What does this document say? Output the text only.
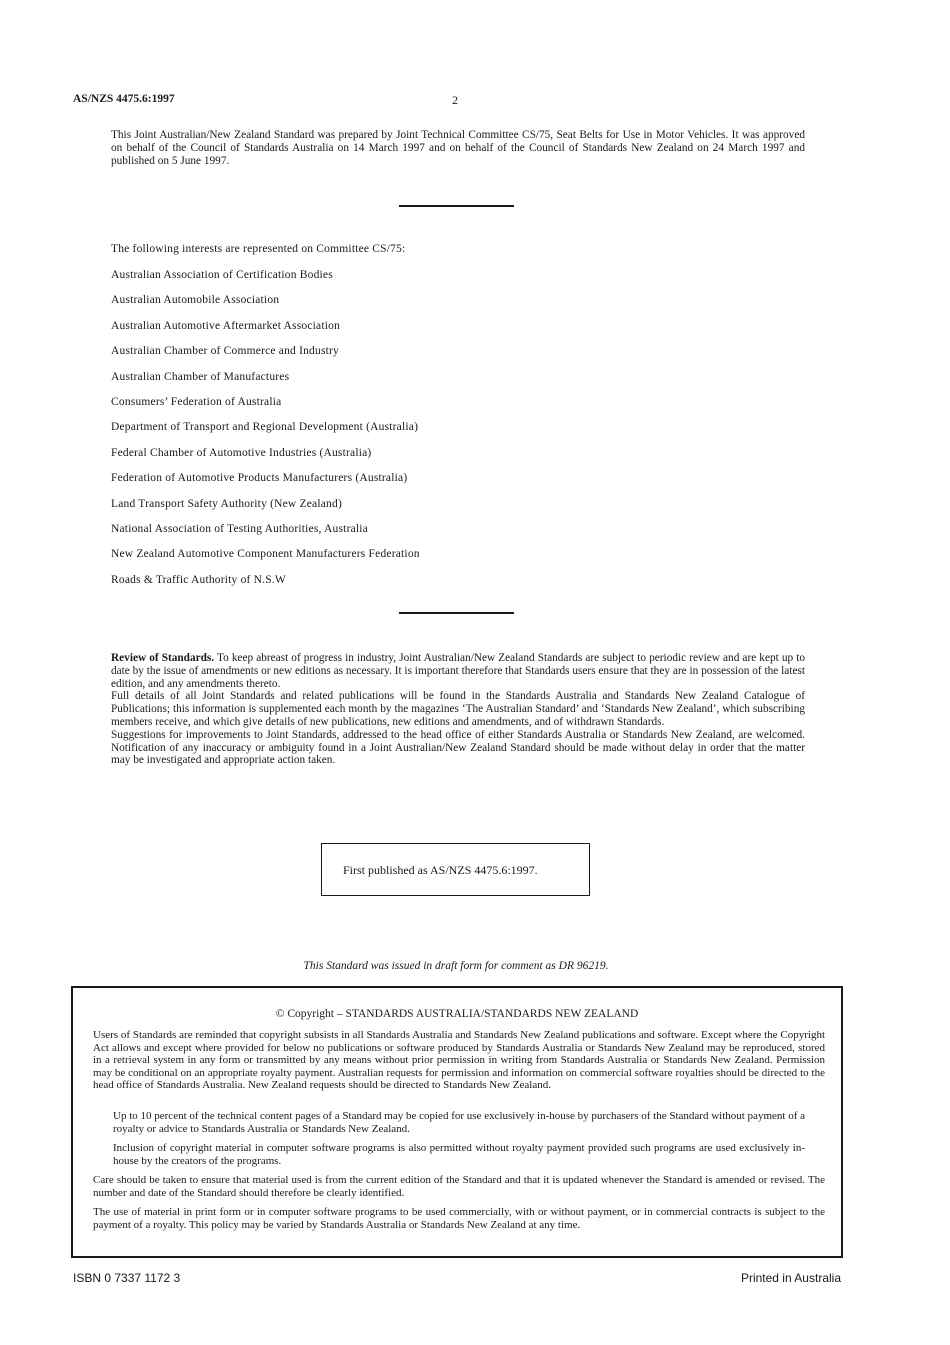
AS/NZS 4475.6:1997	2
This Joint Australian/New Zealand Standard was prepared by Joint Technical Committee CS/75, Seat Belts for Use in Motor Vehicles. It was approved on behalf of the Council of Standards Australia on 14 March 1997 and on behalf of the Council of Standards New Zealand on 24 March 1997 and published on 5 June 1997.
The following interests are represented on Committee CS/75:
Australian Association of Certification Bodies
Australian Automobile Association
Australian Automotive Aftermarket Association
Australian Chamber of Commerce and Industry
Australian Chamber of Manufactures
Consumers’ Federation of Australia
Department of Transport and Regional Development (Australia)
Federal Chamber of Automotive Industries (Australia)
Federation of Automotive Products Manufacturers (Australia)
Land Transport Safety Authority (New Zealand)
National Association of Testing Authorities, Australia
New Zealand Automotive Component Manufacturers Federation
Roads & Traffic Authority of N.S.W

Review of Standards. To keep abreast of progress in industry, Joint Australian/New Zealand Standards are subject to periodic review and are kept up to date by the issue of amendments or new editions as necessary. It is important therefore that Standards users ensure that they are in possession of the latest edition, and any amendments thereto.

Full details of all Joint Standards and related publications will be found in the Standards Australia and Standards New Zealand Catalogue of Publications; this information is supplemented each month by the magazines ‘The Australian Standard’ and ‘Standards New Zealand’, which subscribing members receive, and which give details of new publications, new editions and amendments, and of withdrawn Standards.

Suggestions for improvements to Joint Standards, addressed to the head office of either Standards Australia or Standards New Zealand, are welcomed. Notification of any inaccuracy or ambiguity found in a Joint Australian/New Zealand Standard should be made without delay in order that the matter may be investigated and appropriate action taken.

First published as AS/NZS 4475.6:1997.
This Standard was issued in draft form for comment as DR 96219.
© Copyright – STANDARDS AUSTRALIA/STANDARDS NEW ZEALAND

Users of Standards are reminded that copyright subsists in all Standards Australia and Standards New Zealand publications and software. Except where the Copyright Act allows and except where provided for below no publications or software produced by Standards Australia or Standards New Zealand may be reproduced, stored in a retrieval system in any form or transmitted by any means without prior permission in writing from Standards Australia or Standards New Zealand. Permission may be conditional on an appropriate royalty payment. Australian requests for permission and information on commercial software royalties should be directed to the head office of Standards Australia. New Zealand requests should be directed to Standards New Zealand.

Up to 10 percent of the technical content pages of a Standard may be copied for use exclusively in-house by purchasers of the Standard without payment of a royalty or advice to Standards Australia or Standards New Zealand.

Inclusion of copyright material in computer software programs is also permitted without royalty payment provided such programs are used exclusively in-house by the creators of the programs.

Care should be taken to ensure that material used is from the current edition of the Standard and that it is updated whenever the Standard is amended or revised. The number and date of the Standard should therefore be clearly identified.

The use of material in print form or in computer software programs to be used commercially, with or without payment, or in commercial contracts is subject to the payment of a royalty. This policy may be varied by Standards Australia or Standards New Zealand at any time.

ISBN 0 7337 1172 3	Printed in Australia
